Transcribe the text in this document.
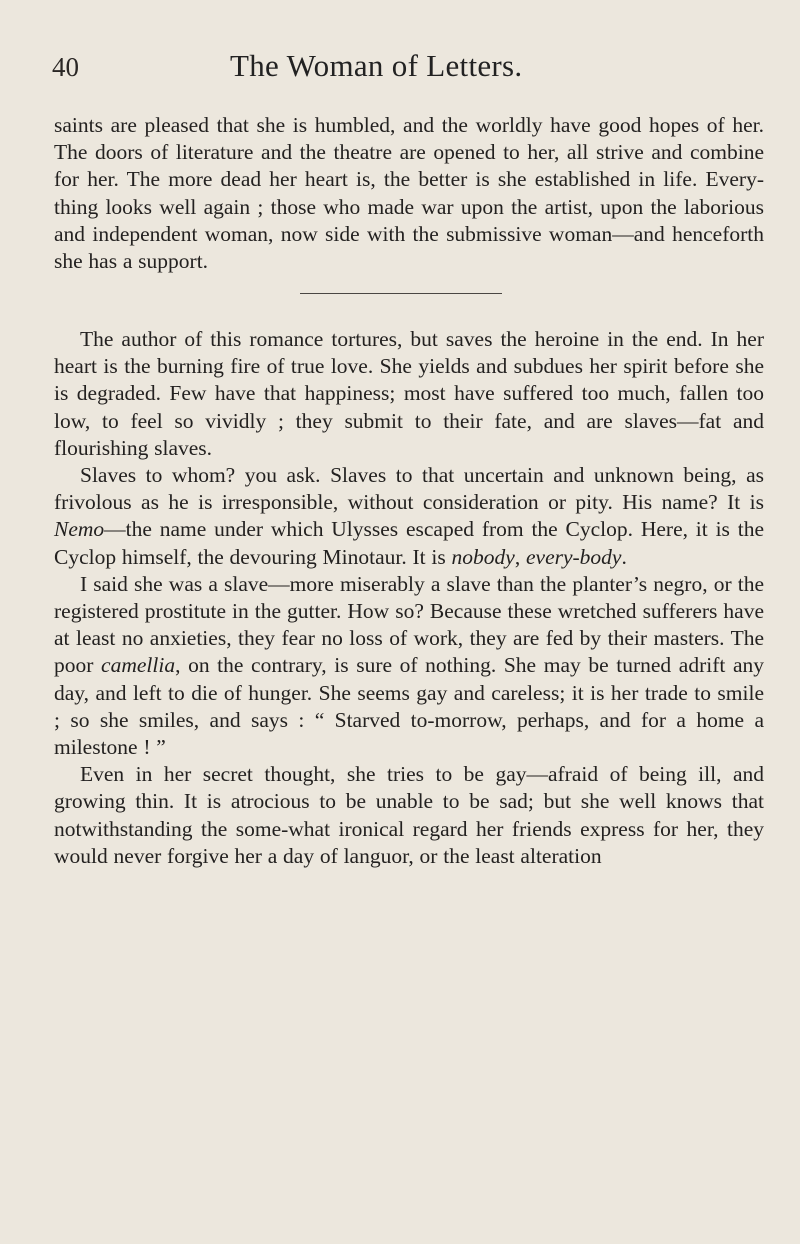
40	The Woman of Letters.

saints are pleased that she is humbled, and the worldly have good hopes of her. The doors of literature and the theatre are opened to her, all strive and combine for her. The more dead her heart is, the better is she established in life. Every-thing looks well again ; those who made war upon the artist, upon the laborious and independent woman, now side with the submissive woman—and henceforth she has a support.

The author of this romance tortures, but saves the heroine in the end. In her heart is the burning fire of true love. She yields and subdues her spirit before she is degraded. Few have that happiness; most have suffered too much, fallen too low, to feel so vividly ; they submit to their fate, and are slaves—fat and flourishing slaves.

Slaves to whom? you ask. Slaves to that uncertain and unknown being, as frivolous as he is irresponsible, without consideration or pity. His name? It is Nemo—the name under which Ulysses escaped from the Cyclop. Here, it is the Cyclop himself, the devouring Minotaur. It is nobody, every-body.

I said she was a slave—more miserably a slave than the planter’s negro, or the registered prostitute in the gutter. How so? Because these wretched sufferers have at least no anxieties, they fear no loss of work, they are fed by their masters. The poor camellia, on the contrary, is sure of nothing. She may be turned adrift any day, and left to die of hunger. She seems gay and careless; it is her trade to smile ; so she smiles, and says : “ Starved to-morrow, perhaps, and for a home a milestone ! ”

Even in her secret thought, she tries to be gay—afraid of being ill, and growing thin. It is atrocious to be unable to be sad; but she well knows that notwithstanding the some-what ironical regard her friends express for her, they would never forgive her a day of languor, or the least alteration
